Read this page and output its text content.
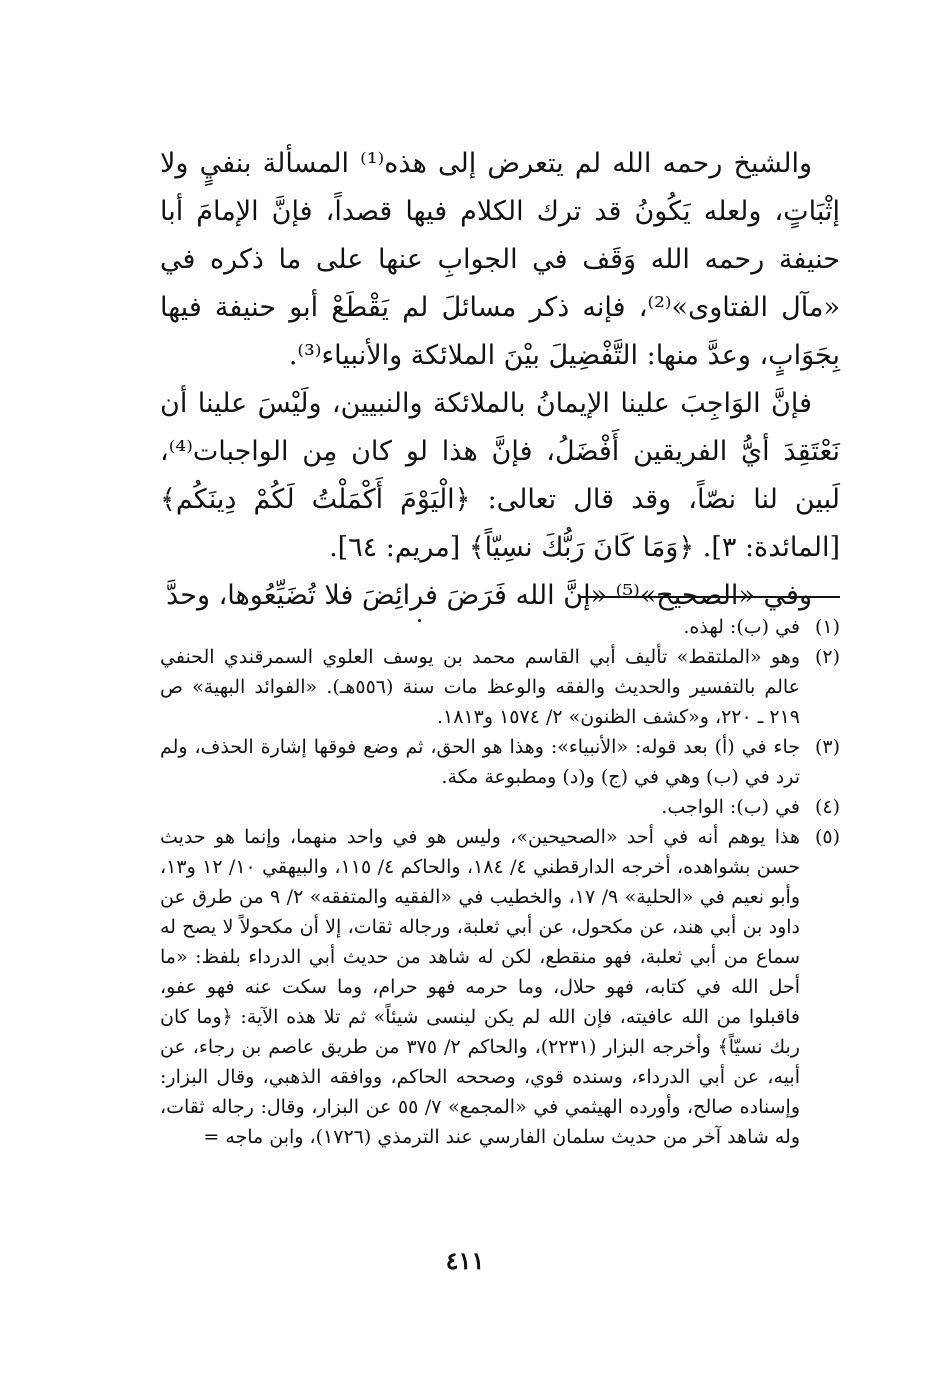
والشيخ رحمه الله لم يتعرض إلى هذه⁽¹⁾ المسألة بنفيٍ ولا إثْبَاتٍ، ولعله يَكُونُ قد ترك الكلام فيها قصداً، فإنَّ الإمامَ أبا حنيفة رحمه الله وَقَف في الجوابِ عنها على ما ذكره في «مآل الفتاوى»⁽²⁾، فإنه ذكر مسائلَ لم يَقْطَعْ أبو حنيفة فيها بِجَوَابٍ، وعدَّ منها: التَّفْضِيلَ بيْنَ الملائكة والأنبياء⁽³⁾.

فإنَّ الوَاجِبَ علينا الإيمانُ بالملائكة والنبيين، ولَيْسَ علينا أن نَعْتَقِدَ أيُّ الفريقين أَفْضَلُ، فإنَّ هذا لو كان مِن الواجبات⁽⁴⁾، لَبين لنا نصّاً، وقد قال تعالى: ﴿الْيَوْمَ أَكْمَلْتُ لَكُمْ دِينَكُم﴾ [المائدة: ٣]. ﴿وَمَا كَانَ رَبُّكَ نسِيّاً﴾ [مريم: ٦٤].

وفي «الصحيح»⁽⁵⁾ «إنَّ الله فَرَضَ فرائِضَ فلا تُضَيِّعُوها، وحدَّ

(١)
في (ب): لهذه.
(٢)
وهو «الملتقط» تأليف أبي القاسم محمد بن يوسف العلوي السمرقندي الحنفي عالم بالتفسير والحديث والفقه والوعظ مات سنة (٥٥٦هـ). «الفوائد البهية» ص ٢١٩ ـ ٢٢٠، و«كشف الظنون» ٢/ ١٥٧٤ و١٨١٣.
(٣)
جاء في (أ) بعد قوله: «الأنبياء»: وهذا هو الحق، ثم وضع فوقها إشارة الحذف، ولم ترد في (ب) وهي في (ج) و(د) ومطبوعة مكة.
(٤)
في (ب): الواجب.
(٥)
هذا يوهم أنه في أحد «الصحيحين»، وليس هو في واحد منهما، وإنما هو حديث حسن بشواهده، أخرجه الدارقطني ٤/ ١٨٤، والحاكم ٤/ ١١٥، والبيهقي ١٠/ ١٢ و١٣، وأبو نعيم في «الحلية» ٩/ ١٧، والخطيب في «الفقيه والمتفقه» ٢/ ٩ من طرق عن داود بن أبي هند، عن مكحول، عن أبي ثعلبة، ورجاله ثقات، إلا أن مكحولاً لا يصح له سماع من أبي ثعلبة، فهو منقطع، لكن له شاهد من حديث أبي الدرداء بلفظ: «ما أحل الله في كتابه، فهو حلال، وما حرمه فهو حرام، وما سكت عنه فهو عفو، فاقبلوا من الله عافيته، فإن الله لم يكن لينسى شيئاً» ثم تلا هذه الآية: ﴿وما كان ربك نسيّاً﴾ وأخرجه البزار (٢٢٣١)، والحاكم ٢/ ٣٧٥ من طريق عاصم بن رجاء، عن أبيه، عن أبي الدرداء، وسنده قوي، وصححه الحاكم، ووافقه الذهبي، وقال البزار: وإسناده صالح، وأورده الهيثمي في «المجمع» ٧/ ٥٥ عن البزار، وقال: رجاله ثقات، وله شاهد آخر من حديث سلمان الفارسي عند الترمذي (١٧٢٦)، وابن ماجه =
٤١١
